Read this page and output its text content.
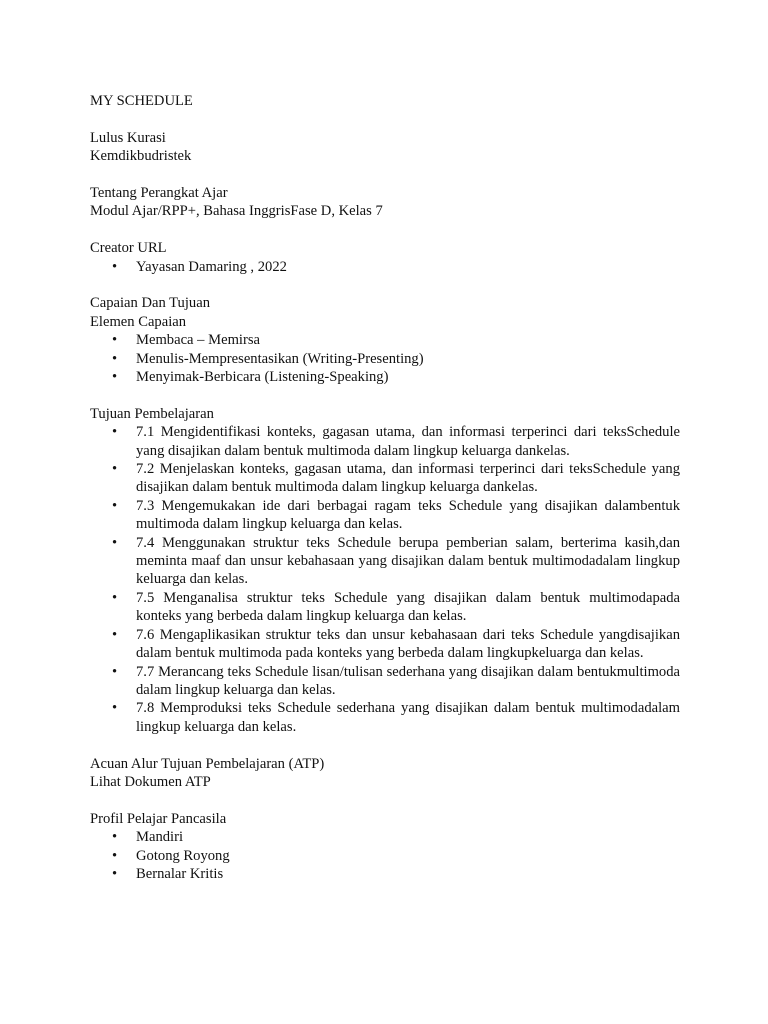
MY SCHEDULE

Lulus Kurasi

Kemdikbudristek

Tentang Perangkat Ajar

Modul Ajar/RPP+, Bahasa InggrisFase D, Kelas 7

Creator URL

• Yayasan Damaring , 2022

Capaian Dan Tujuan

Elemen Capaian

• Membaca – Memirsa
• Menulis-Mempresentasikan (Writing-Presenting)
• Menyimak-Berbicara (Listening-Speaking)

Tujuan Pembelajaran

• 7.1 Mengidentifikasi konteks, gagasan utama, dan informasi terperinci dari teksSchedule yang disajikan dalam bentuk multimoda dalam lingkup keluarga dankelas.
• 7.2 Menjelaskan konteks, gagasan utama, dan informasi terperinci dari teksSchedule yang disajikan dalam bentuk multimoda dalam lingkup keluarga dankelas.
• 7.3 Mengemukakan ide dari berbagai ragam teks Schedule yang disajikan dalambentuk multimoda dalam lingkup keluarga dan kelas.
• 7.4 Menggunakan struktur teks Schedule berupa pemberian salam, berterima kasih,dan meminta maaf dan unsur kebahasaan yang disajikan dalam bentuk multimodadalam lingkup keluarga dan kelas.
• 7.5 Menganalisa struktur teks Schedule yang disajikan dalam bentuk multimodapada konteks yang berbeda dalam lingkup keluarga dan kelas.
• 7.6 Mengaplikasikan struktur teks dan unsur kebahasaan dari teks Schedule yangdisajikan dalam bentuk multimoda pada konteks yang berbeda dalam lingkupkeluarga dan kelas.
• 7.7 Merancang teks Schedule lisan/tulisan sederhana yang disajikan dalam bentukmultimoda dalam lingkup keluarga dan kelas.
• 7.8 Memproduksi teks Schedule sederhana yang disajikan dalam bentuk multimodadalam lingkup keluarga dan kelas.

Acuan Alur Tujuan Pembelajaran (ATP)

Lihat Dokumen ATP

Profil Pelajar Pancasila

• Mandiri
• Gotong Royong
• Bernalar Kritis
